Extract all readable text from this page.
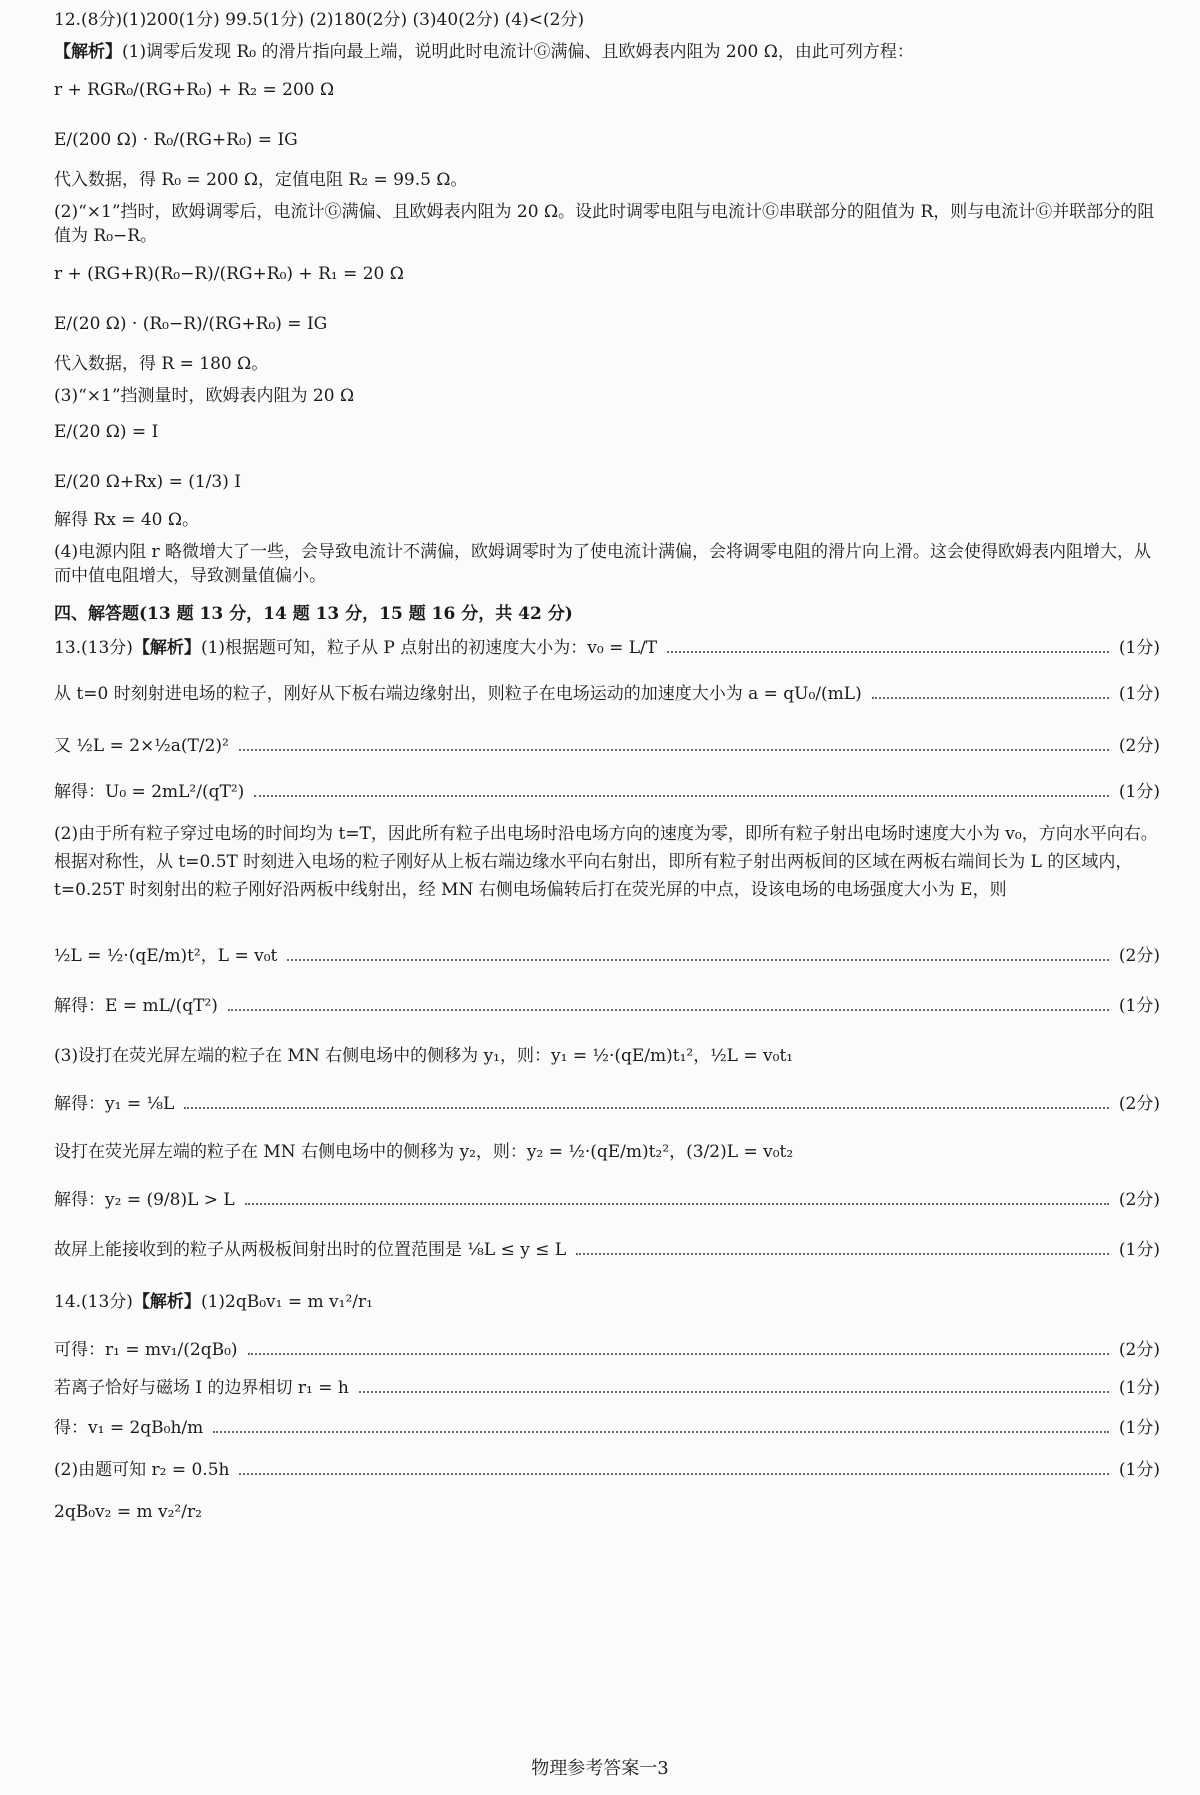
12.(8分)(1)200(1分) 99.5(1分) (2)180(2分) (3)40(2分) (4)<(2分)
【解析】(1)调零后发现 R₀ 的滑片指向最上端，说明此时电流计Ⓖ满偏、且欧姆表内阻为 200 Ω，由此可列方程：
r + RGR₀/(RG+R₀) + R₂ = 200 Ω
E/(200 Ω) · R₀/(RG+R₀) = IG
代入数据，得 R₀ = 200 Ω，定值电阻 R₂ = 99.5 Ω。
(2)“×1”挡时，欧姆调零后，电流计Ⓖ满偏、且欧姆表内阻为 20 Ω。设此时调零电阻与电流计Ⓖ串联部分的阻值为 R，则与电流计Ⓖ并联部分的阻值为 R₀−R。
r + (RG+R)(R₀−R)/(RG+R₀) + R₁ = 20 Ω
E/(20 Ω) · (R₀−R)/(RG+R₀) = IG
代入数据，得 R = 180 Ω。
(3)“×1”挡测量时，欧姆表内阻为 20 Ω
E/(20 Ω) = I
E/(20 Ω+Rx) = (1/3) I
解得 Rx = 40 Ω。
(4)电源内阻 r 略微增大了一些，会导致电流计不满偏，欧姆调零时为了使电流计满偏，会将调零电阻的滑片向上滑。这会使得欧姆表内阻增大，从而中值电阻增大，导致测量值偏小。
四、解答题(13 题 13 分，14 题 13 分，15 题 16 分，共 42 分)
13.(13分) 【解析】 (1)根据题可知，粒子从 P 点射出的初速度大小为：v₀ = L/T	(1分)
从 t=0 时刻射进电场的粒子，刚好从下板右端边缘射出，则粒子在电场运动的加速度大小为 a = qU₀/(mL)	(1分)
又 ½L = 2×½a(T/2)²	(2分)
解得：U₀ = 2mL²/(qT²)	(1分)
(2)由于所有粒子穿过电场的时间均为 t=T，因此所有粒子出电场时沿电场方向的速度为零，即所有粒子射出电场时速度大小为 v₀，方向水平向右。根据对称性，从 t=0.5T 时刻进入电场的粒子刚好从上板右端边缘水平向右射出，即所有粒子射出两板间的区域在两板右端间长为 L 的区域内，t=0.25T 时刻射出的粒子刚好沿两板中线射出，经 MN 右侧电场偏转后打在荧光屏的中点，设该电场的电场强度大小为 E，则
½L = ½·(qE/m)t²，L = v₀t	(2分)
解得：E = mL/(qT²)	(1分)
(3)设打在荧光屏左端的粒子在 MN 右侧电场中的侧移为 y₁，则：y₁ = ½·(qE/m)t₁²，½L = v₀t₁
解得：y₁ = ⅛L	(2分)
设打在荧光屏左端的粒子在 MN 右侧电场中的侧移为 y₂，则：y₂ = ½·(qE/m)t₂²，(3/2)L = v₀t₂
解得：y₂ = (9/8)L > L	(2分)
故屏上能接收到的粒子从两极板间射出时的位置范围是 ⅛L ≤ y ≤ L	(1分)
14.(13分)【解析】(1)2qB₀v₁ = m v₁²/r₁
可得：r₁ = mv₁/(2qB₀)	(2分)
若离子恰好与磁场 I 的边界相切 r₁ = h	(1分)
得：v₁ = 2qB₀h/m	(1分)
(2)由题可知 r₂ = 0.5h	(1分)
2qB₀v₂ = m v₂²/r₂
物理参考答案一3
